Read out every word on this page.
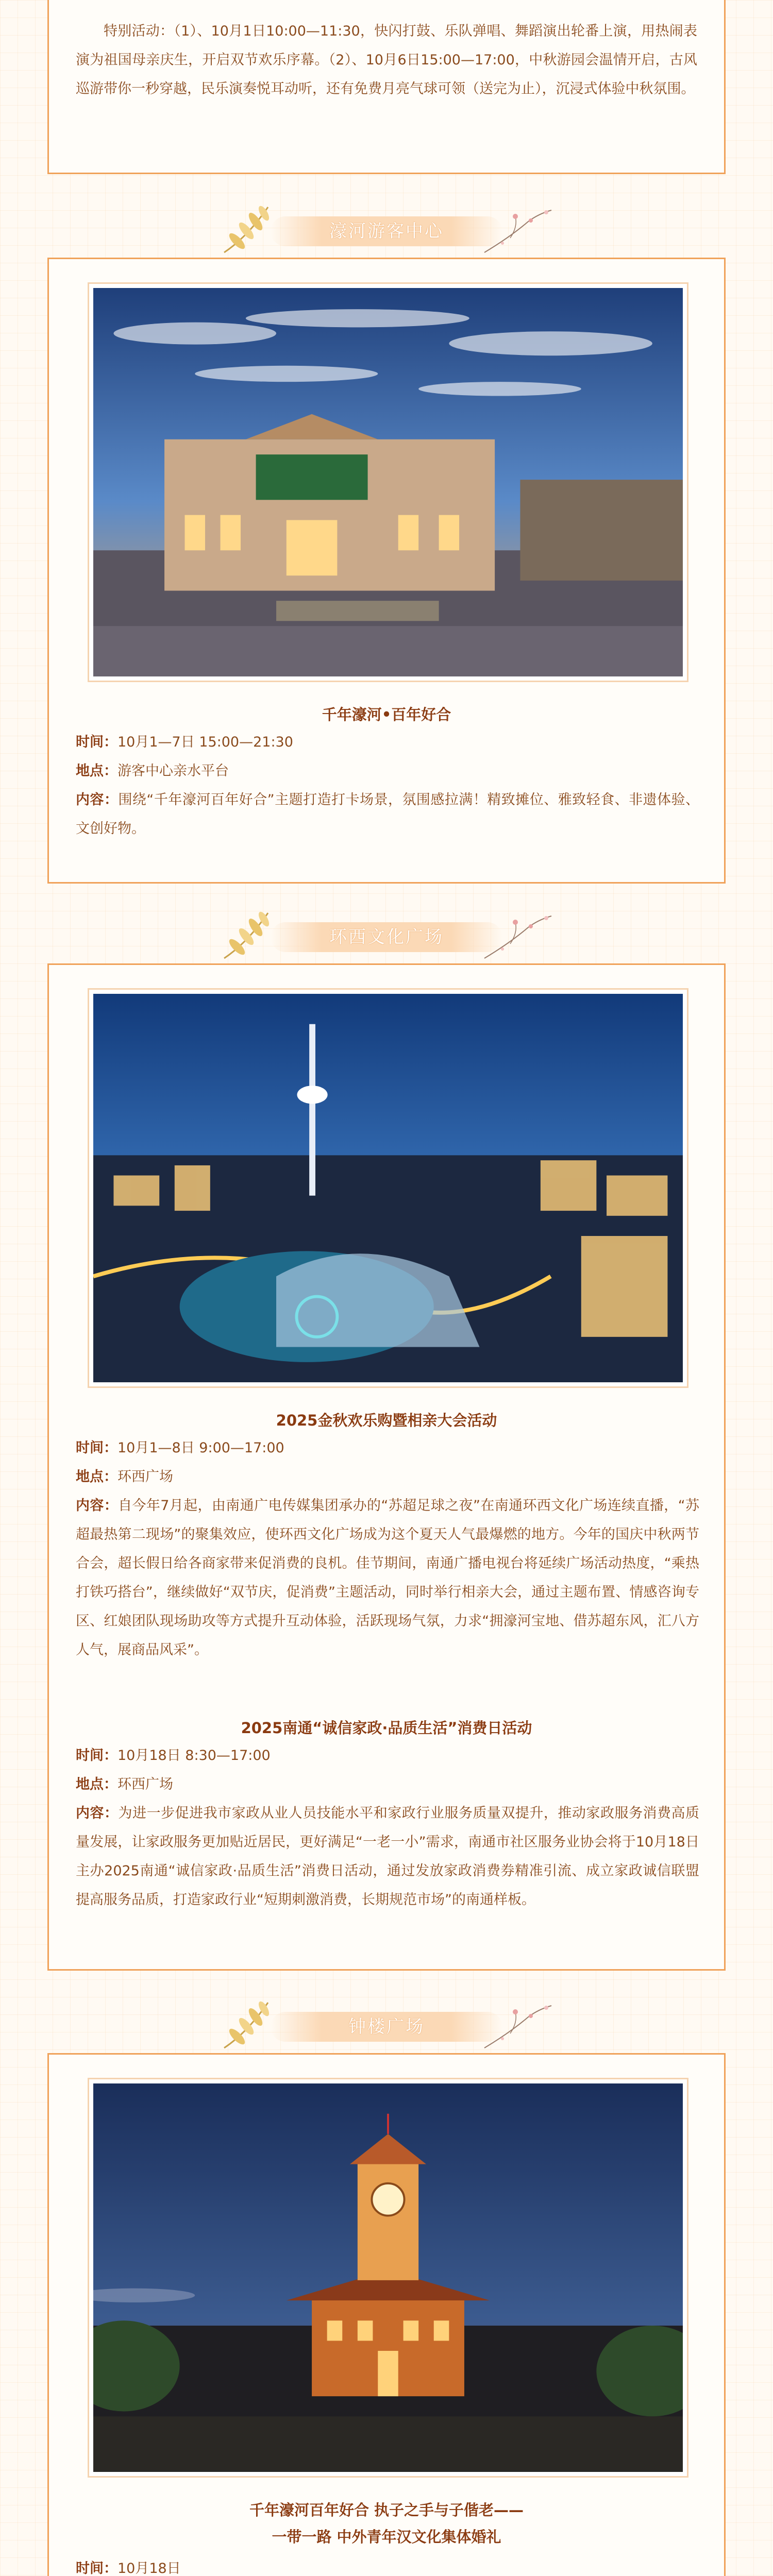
特别活动：（1）、10月1日10:00—11:30，快闪打鼓、乐队弹唱、舞蹈演出轮番上演，用热闹表演为祖国母亲庆生，开启双节欢乐序幕。（2）、10月6日15:00—17:00，中秋游园会温情开启，古风巡游带你一秒穿越，民乐演奏悦耳动听，还有免费月亮气球可领（送完为止），沉浸式体验中秋氛围。

濠河游客中心
千年濠河•百年好合

时间：10月1—7日 15:00—21:30

地点：游客中心亲水平台

内容：围绕“千年濠河百年好合”主题打造打卡场景，氛围感拉满！精致摊位、雅致轻食、非遗体验、文创好物。

环西文化广场
2025金秋欢乐购暨相亲大会活动

时间：10月1—8日 9:00—17:00

地点：环西广场

内容：自今年7月起，由南通广电传媒集团承办的“苏超足球之夜”在南通环西文化广场连续直播，“苏超最热第二现场”的聚集效应，使环西文化广场成为这个夏天人气最爆燃的地方。今年的国庆中秋两节合会，超长假日给各商家带来促消费的良机。佳节期间，南通广播电视台将延续广场活动热度，“乘热打铁巧搭台”，继续做好“双节庆，促消费”主题活动，同时举行相亲大会，通过主题布置、情感咨询专区、红娘团队现场助攻等方式提升互动体验，活跃现场气氛，力求“拥濠河宝地、借苏超东风，汇八方人气，展商品风采”。

2025南通“诚信家政·品质生活”消费日活动

时间：10月18日 8:30—17:00

地点：环西广场

内容：为进一步促进我市家政从业人员技能水平和家政行业服务质量双提升，推动家政服务消费高质量发展，让家政服务更加贴近居民，更好满足“一老一小”需求，南通市社区服务业协会将于10月18日主办2025南通“诚信家政·品质生活”消费日活动，通过发放家政消费券精准引流、成立家政诚信联盟提高服务品质，打造家政行业“短期刺激消费，长期规范市场”的南通样板。

钟楼广场
千年濠河百年好合 执子之手与子偕老——
一带一路 中外青年汉文化集体婚礼

时间：10月18日
